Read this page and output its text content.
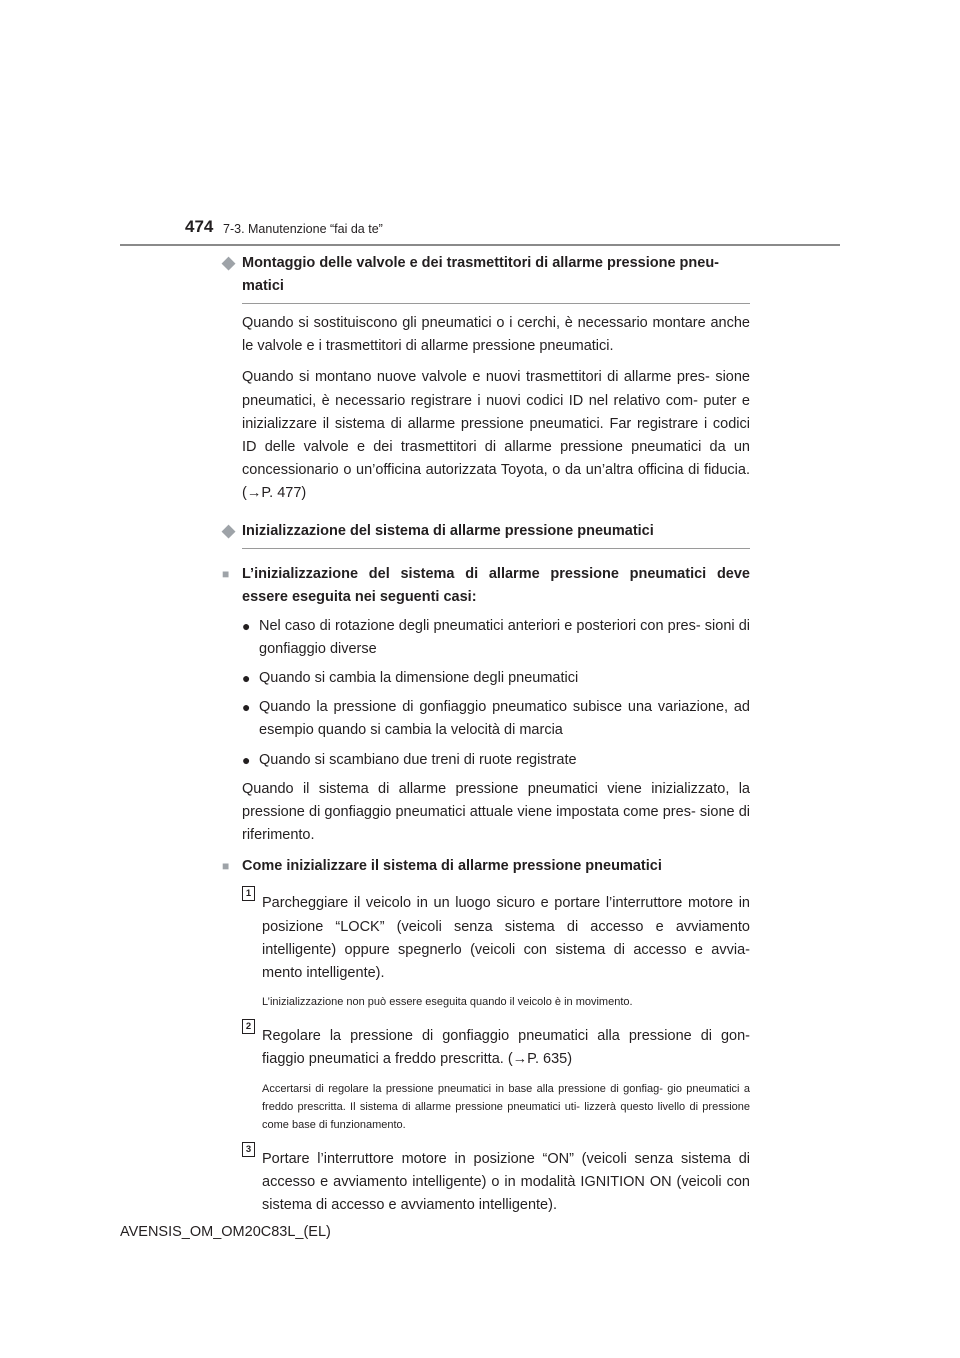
474 7-3. Manutenzione “fai da te”
◆ Montaggio delle valvole e dei trasmettitori di allarme pressione pneu- matici

Quando si sostituiscono gli pneumatici o i cerchi, è necessario montare anche le valvole e i trasmettitori di allarme pressione pneumatici.

Quando si montano nuove valvole e nuovi trasmettitori di allarme pres- sione pneumatici, è necessario registrare i nuovi codici ID nel relativo com- puter e inizializzare il sistema di allarme pressione pneumatici. Far registrare i codici ID delle valvole e dei trasmettitori di allarme pressione pneumatici da un concessionario o un’officina autorizzata Toyota, o da un’altra officina di fiducia. (→P. 477)

◆ Inizializzazione del sistema di allarme pressione pneumatici
■ L’inizializzazione del sistema di allarme pressione pneumatici deve essere eseguita nei seguenti casi:
● Nel caso di rotazione degli pneumatici anteriori e posteriori con pres- sioni di gonfiaggio diverse

● Quando si cambia la dimensione degli pneumatici

● Quando la pressione di gonfiaggio pneumatico subisce una variazione, ad esempio quando si cambia la velocità di marcia

● Quando si scambiano due treni di ruote registrate

Quando il sistema di allarme pressione pneumatici viene inizializzato, la pressione di gonfiaggio pneumatici attuale viene impostata come pres- sione di riferimento.

■ Come inizializzare il sistema di allarme pressione pneumatici
1

Parcheggiare il veicolo in un luogo sicuro e portare l’interruttore motore in posizione “LOCK” (veicoli senza sistema di accesso e avviamento intelligente) oppure spegnerlo (veicoli con sistema di accesso e avvia- mento intelligente).

L’inizializzazione non può essere eseguita quando il veicolo è in movimento.

2

Regolare la pressione di gonfiaggio pneumatici alla pressione di gon- fiaggio pneumatici a freddo prescritta. (→P. 635)

Accertarsi di regolare la pressione pneumatici in base alla pressione di gonfiag- gio pneumatici a freddo prescritta. Il sistema di allarme pressione pneumatici uti- lizzerà questo livello di pressione come base di funzionamento.

3

Portare l’interruttore motore in posizione “ON” (veicoli senza sistema di accesso e avviamento intelligente) o in modalità IGNITION ON (veicoli con sistema di accesso e avviamento intelligente).

AVENSIS_OM_OM20C83L_(EL)
